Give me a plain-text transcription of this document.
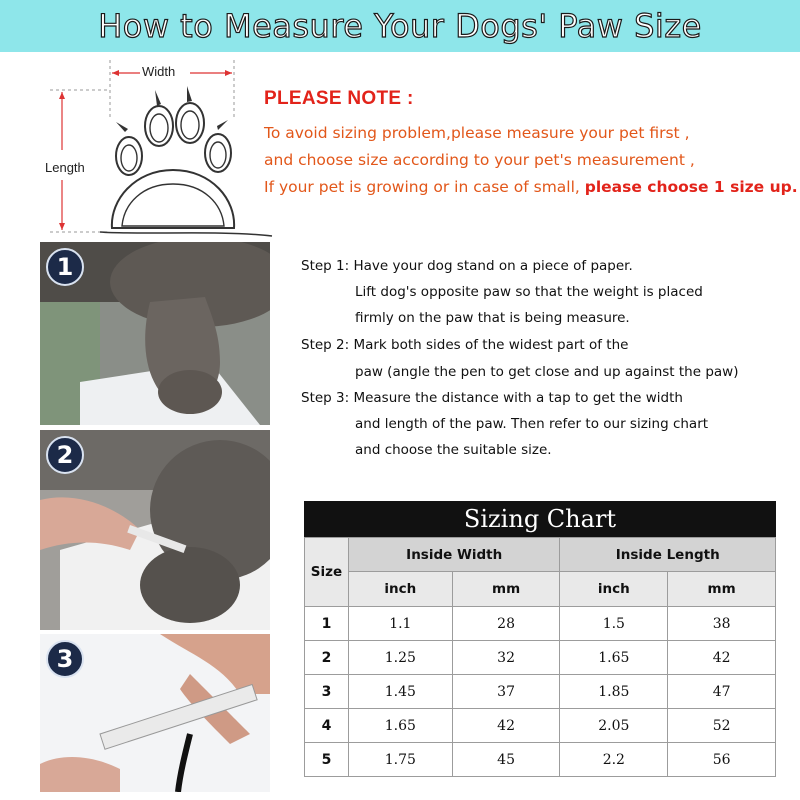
How to Measure Your Dogs' Paw Size
Width
Length
PLEASE NOTE :
To avoid sizing problem,please measure your pet first ,
and choose size according to your pet's measurement ,
If your pet is growing or in case of small, please choose 1 size up.
1
2
3
Step 1: Have your dog stand on a piece of paper.
Lift dog's opposite paw so that the weight is placed
firmly on the paw that is being measure.
Step 2: Mark both sides of the widest part of the
paw (angle the pen to get close and up against the paw)
Step 3: Measure the distance with a tap to get the width
and length of the paw. Then refer to our sizing chart
and choose the suitable size.
Sizing Chart
Size	Inside Width		Inside Length	
	inch	mm	inch	mm
1	1.1	28	1.5	38
2	1.25	32	1.65	42
3	1.45	37	1.85	47
4	1.65	42	2.05	52
5	1.75	45	2.2	56
